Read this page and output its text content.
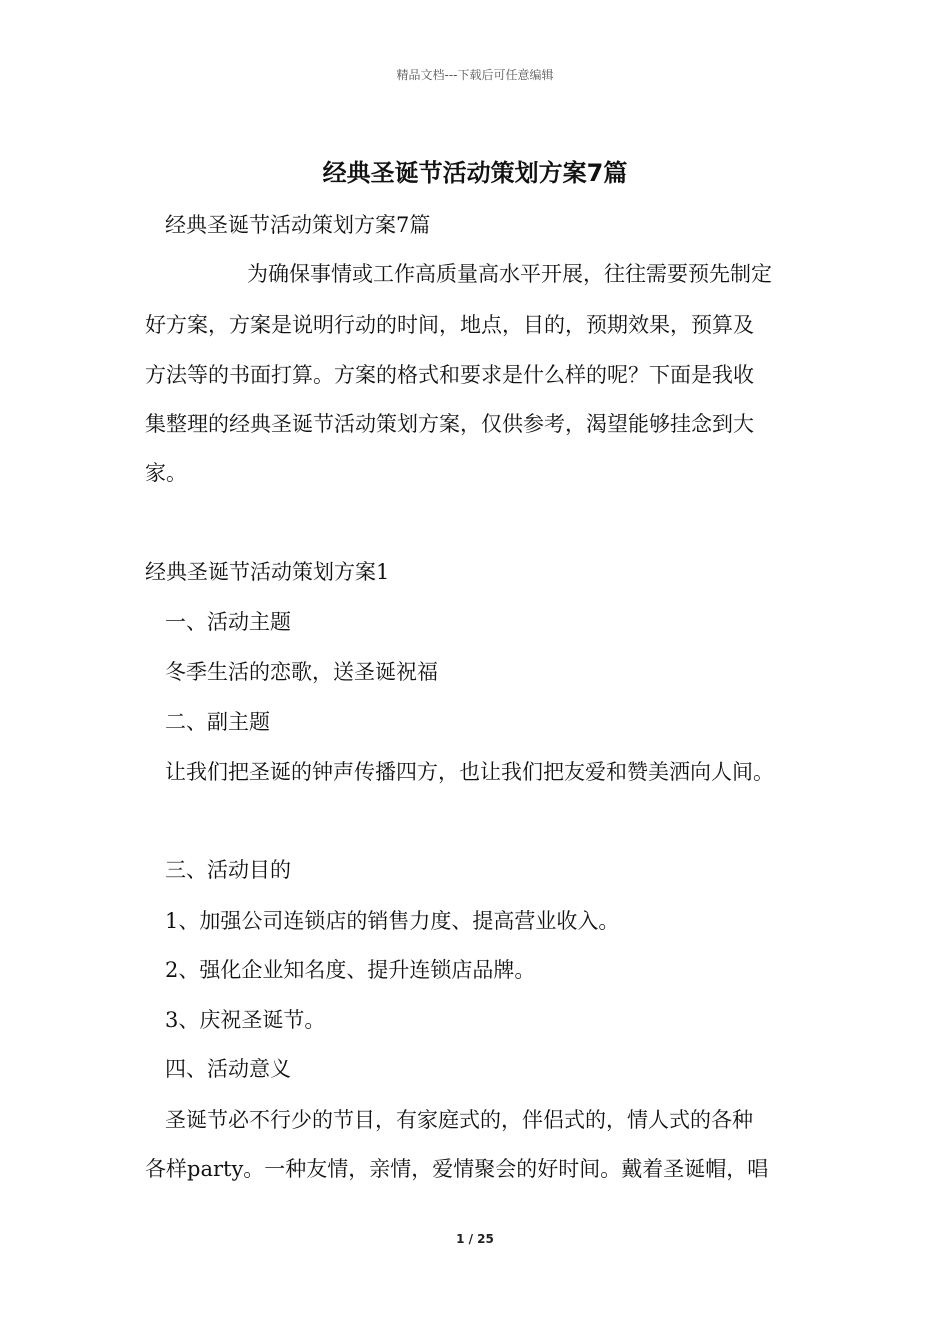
精品文档---下载后可任意编辑
经典圣诞节活动策划方案7篇
经典圣诞节活动策划方案7篇
为确保事情或工作高质量高水平开展，往往需要预先制定
好方案，方案是说明行动的时间，地点，目的，预期效果，预算及
方法等的书面打算。方案的格式和要求是什么样的呢？下面是我收
集整理的经典圣诞节活动策划方案，仅供参考，渴望能够挂念到大
家。
经典圣诞节活动策划方案1
一、活动主题
冬季生活的恋歌，送圣诞祝福
二、副主题
让我们把圣诞的钟声传播四方，也让我们把友爱和赞美洒向人间。
三、活动目的
1、加强公司连锁店的销售力度、提高营业收入。
2、强化企业知名度、提升连锁店品牌。
3、庆祝圣诞节。
四、活动意义
圣诞节必不行少的节目，有家庭式的，伴侣式的，情人式的各种
各样party。一种友情，亲情，爱情聚会的好时间。戴着圣诞帽，唱
1 / 25
